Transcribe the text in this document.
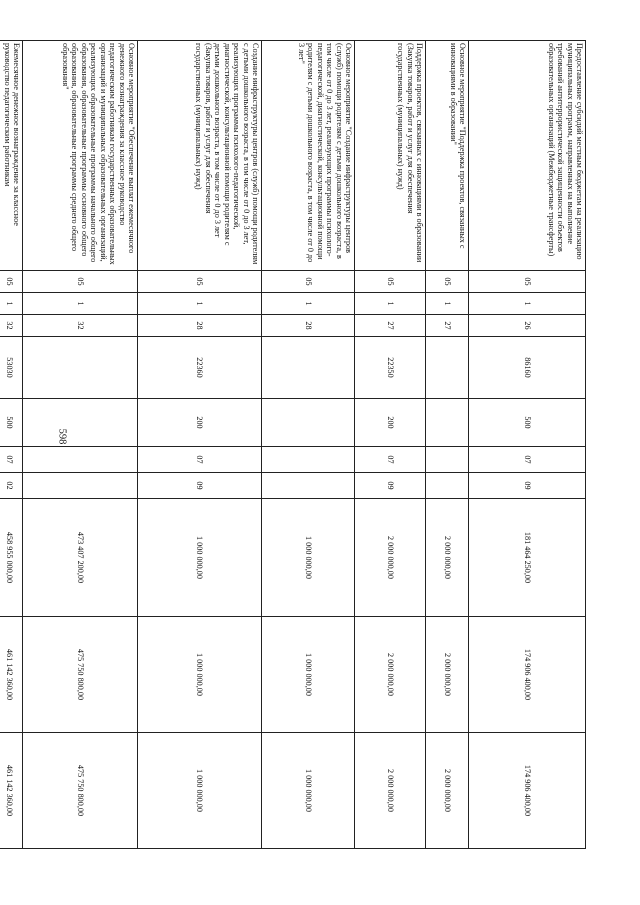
598
Предоставление субсидий местным бюджетам на реализацию муниципальных программ, направленных на выполнение требований антитеррористической защищенности объектов образовательных организаций (Межбюджетные трансферты)	05	1	26	86160	500	07	09	181 464 250,00	174 906 400,00	174 906 400,00
Основное мероприятие "Поддержка проектов, связанных с инновациями в образовании"	05	1	27					2 000 000,00	2 000 000,00	2 000 000,00
Поддержка проектов, связанных с инновациями в образовании (Закупка товаров, работ и услуг для обеспечения государственных (муниципальных) нужд)	05	1	27	22350	200	07	09	2 000 000,00	2 000 000,00	2 000 000,00
Основное мероприятие "Создание инфраструктуры центров (служб) помощи родителям с детьми дошкольного возраста, в том числе от 0 до 3 лет, реализующих программы психолого-педагогической, диагностической, консультационной помощи родителям с детьми дошкольного возраста, в том числе от 0 до 3 лет"	05	1	28					1 000 000,00	1 000 000,00	1 000 000,00
Создание инфраструктуры центров (служб) помощи родителям с детьми дошкольного возраста, в том числе от 0 до 3 лет, реализующих программы психолого-педагогической, диагностической, консультационной помощи родителям с детьми дошкольного возраста, в том числе от 0 до 3 лет (Закупка товаров, работ и услуг для обеспечения государственных (муниципальных) нужд)	05	1	28	22360	200	07	09	1 000 000,00	1 000 000,00	1 000 000,00
Основное мероприятие "Обеспечение выплат ежемесячного денежного вознаграждения за классное руководство педагогическим работникам государственных образовательных организаций и муниципальных образовательных организаций, реализующих образовательные программы начального общего образования, образовательные программы основного общего образования, образовательные программы среднего общего образования"	05	1	32					473 407 200,00	475 750 800,00	475 750 800,00
Ежемесячное денежное вознаграждение за классное руководство педагогическим работникам	05	1	32	53030	500	07	02	458 955 000,00	461 142 360,00	461 142 360,00
